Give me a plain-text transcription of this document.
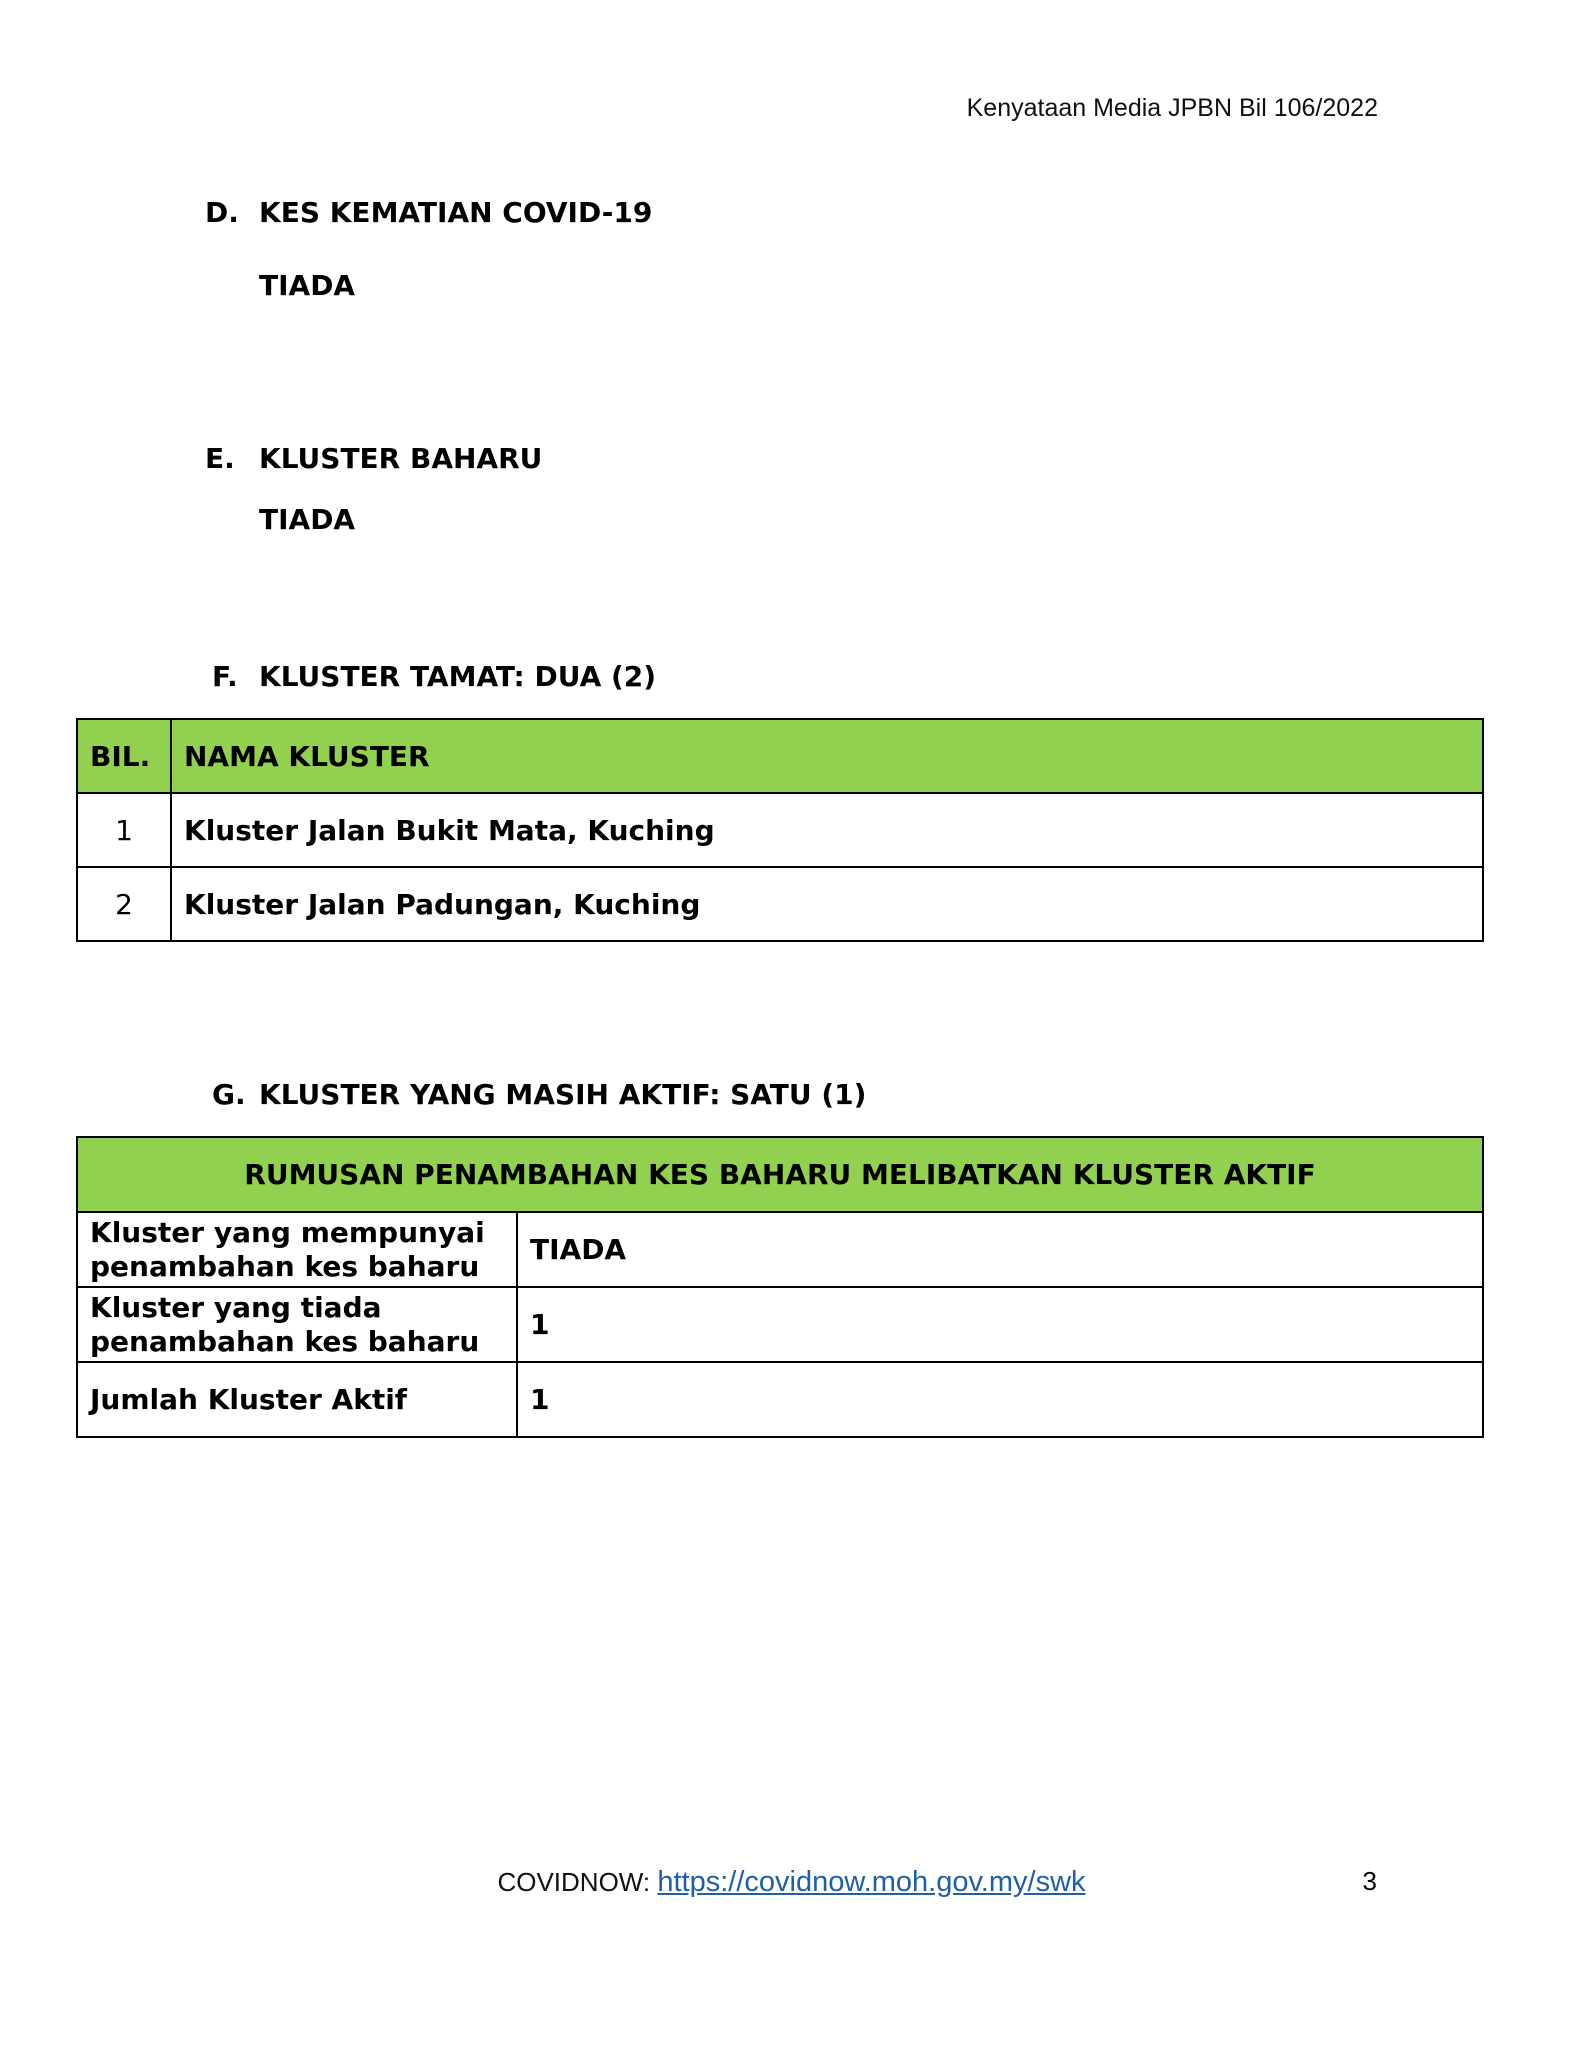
Kenyataan Media JPBN Bil 106/2022
D. KES KEMATIAN COVID-19
TIADA
E. KLUSTER BAHARU
TIADA
F. KLUSTER TAMAT: DUA (2)
BIL.	NAMA KLUSTER
1	Kluster Jalan Bukit Mata, Kuching
2	Kluster Jalan Padungan, Kuching
G. KLUSTER YANG MASIH AKTIF: SATU (1)
RUMUSAN PENAMBAHAN KES BAHARU MELIBATKAN KLUSTER AKTIF	
Kluster yang mempunyai penambahan kes baharu	TIADA
Kluster yang tiada penambahan kes baharu	1
Jumlah Kluster Aktif	1
COVIDNOW: https://covidnow.moh.gov.my/swk	3
